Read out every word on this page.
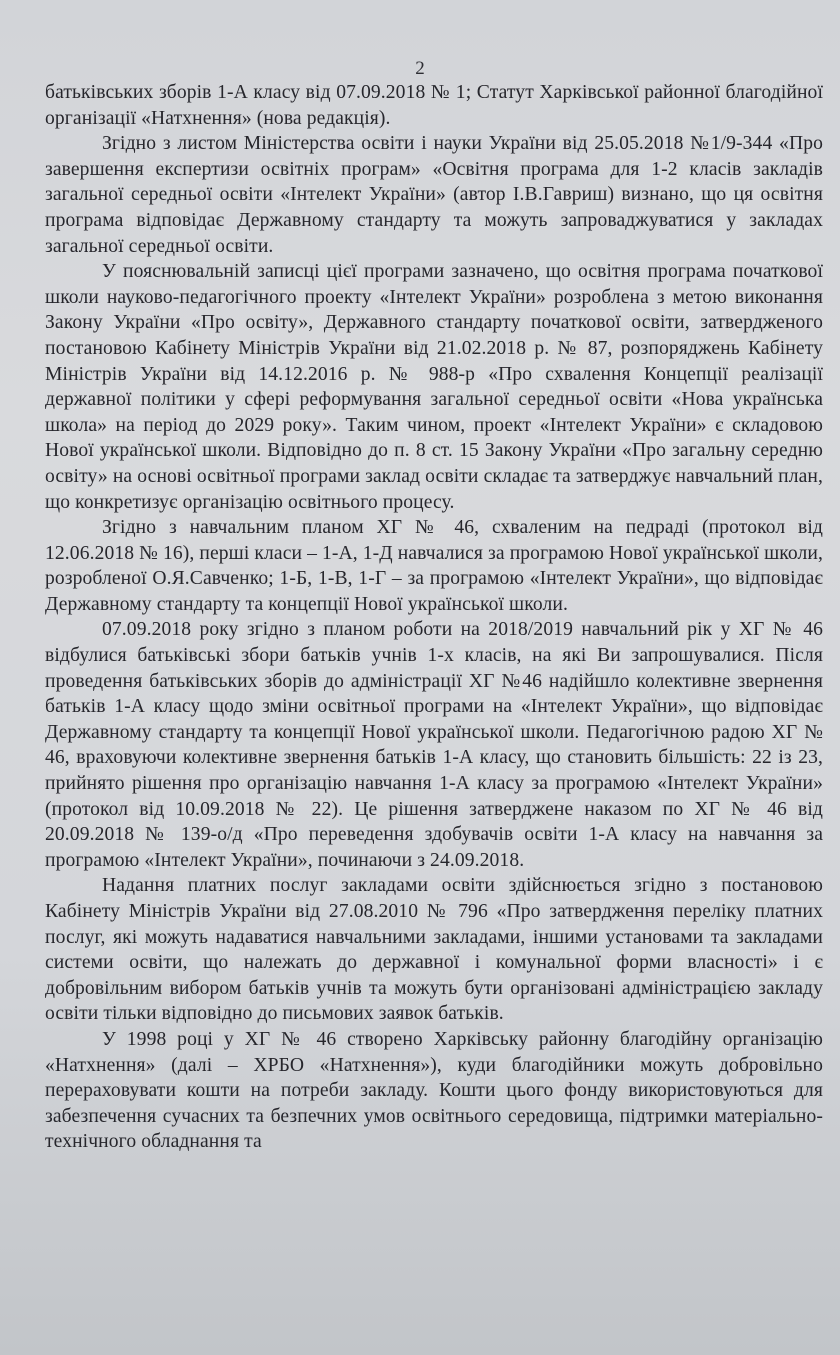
2

батьківських зборів 1-А класу від 07.09.2018 № 1; Статут Харківської районної благодійної організації «Натхнення» (нова редакція).

Згідно з листом Міністерства освіти і науки України від 25.05.2018 №1/9-344 «Про завершення експертизи освітніх програм» «Освітня програма для 1-2 класів закладів загальної середньої освіти «Інтелект України» (автор І.В.Гавриш) визнано, що ця освітня програма відповідає Державному стандарту та можуть запроваджуватися у закладах загальної середньої освіти.

У пояснювальній записці цієї програми зазначено, що освітня програма початкової школи науково-педагогічного проекту «Інтелект України» розроблена з метою виконання Закону України «Про освіту», Державного стандарту початкової освіти, затвердженого постановою Кабінету Міністрів України від 21.02.2018 р. № 87, розпоряджень Кабінету Міністрів України від 14.12.2016 р. № 988-р «Про схвалення Концепції реалізації державної політики у сфері реформування загальної середньої освіти «Нова українська школа» на період до 2029 року». Таким чином, проект «Інтелект України» є складовою Нової української школи. Відповідно до п. 8 ст. 15 Закону України «Про загальну середню освіту» на основі освітньої програми заклад освіти складає та затверджує навчальний план, що конкретизує організацію освітнього процесу.

Згідно з навчальним планом ХГ № 46, схваленим на педраді (протокол від 12.06.2018 № 16), перші класи – 1-А, 1-Д навчалися за програмою Нової української школи, розробленої О.Я.Савченко; 1-Б, 1-В, 1-Г – за програмою «Інтелект України», що відповідає Державному стандарту та концепції Нової української школи.

07.09.2018 року згідно з планом роботи на 2018/2019 навчальний рік у ХГ № 46 відбулися батьківські збори батьків учнів 1-х класів, на які Ви запрошувалися. Після проведення батьківських зборів до адміністрації ХГ №46 надійшло колективне звернення батьків 1-А класу щодо зміни освітньої програми на «Інтелект України», що відповідає Державному стандарту та концепції Нової української школи. Педагогічною радою ХГ № 46, враховуючи колективне звернення батьків 1-А класу, що становить більшість: 22 із 23, прийнято рішення про організацію навчання 1-А класу за програмою «Інтелект України» (протокол від 10.09.2018 № 22). Це рішення затверджене наказом по ХГ № 46 від 20.09.2018 № 139-о/д «Про переведення здобувачів освіти 1-А класу на навчання за програмою «Інтелект України», починаючи з 24.09.2018.

Надання платних послуг закладами освіти здійснюється згідно з постановою Кабінету Міністрів України від 27.08.2010 № 796 «Про затвердження переліку платних послуг, які можуть надаватися навчальними закладами, іншими установами та закладами системи освіти, що належать до державної і комунальної форми власності» і є добровільним вибором батьків учнів та можуть бути організовані адміністрацією закладу освіти тільки відповідно до письмових заявок батьків.

У 1998 році у ХГ № 46 створено Харківську районну благодійну організацію «Натхнення» (далі – ХРБО «Натхнення»), куди благодійники можуть добровільно перераховувати кошти на потреби закладу. Кошти цього фонду використовуються для забезпечення сучасних та безпечних умов освітнього середовища, підтримки матеріально-технічного обладнання та
